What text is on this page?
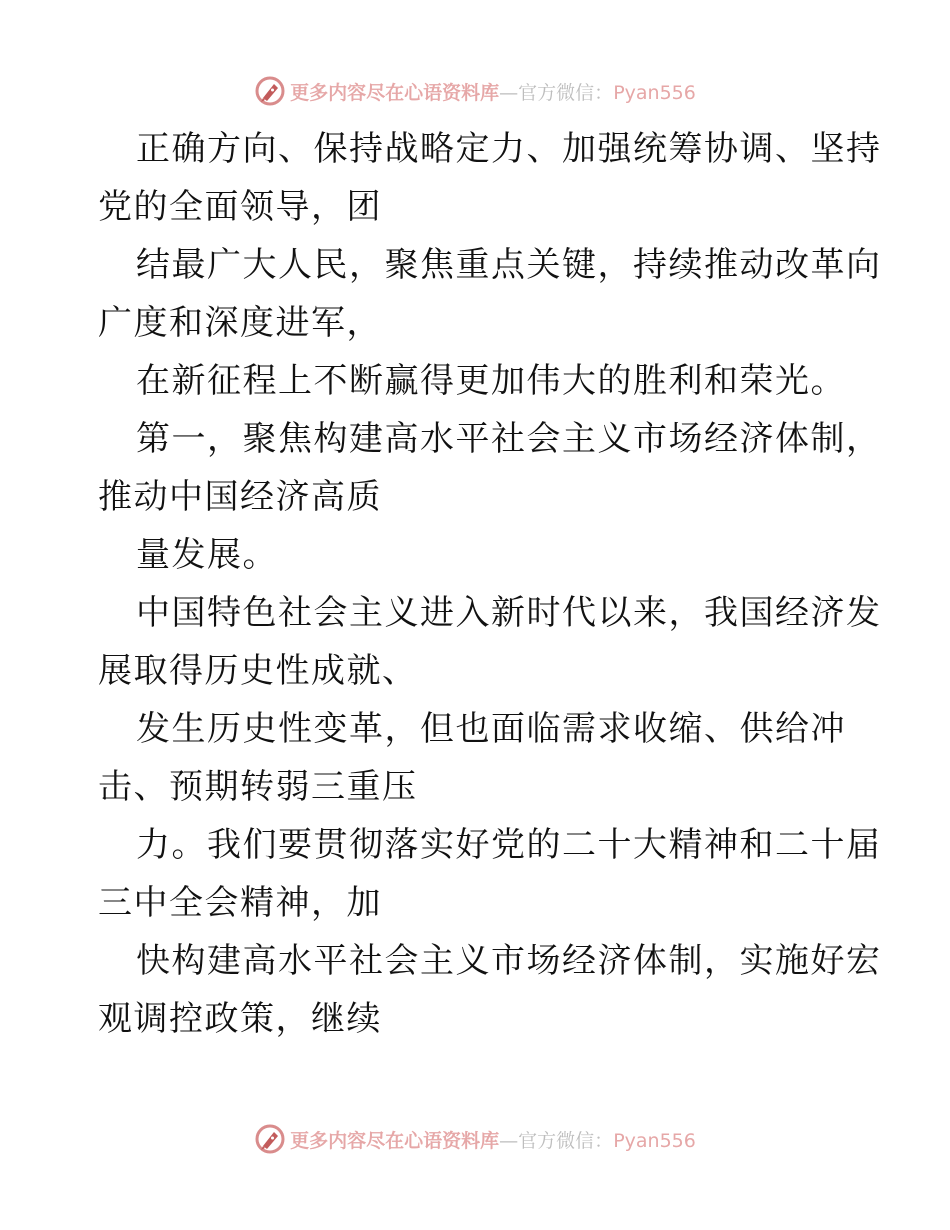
更多内容尽在心语资料库—官方微信：Pyan556

正确方向、保持战略定力、加强统筹协调、坚持
党的全面领导，团

结最广大人民，聚焦重点关键，持续推动改革向
广度和深度进军，

在新征程上不断赢得更加伟大的胜利和荣光。

第一，聚焦构建高水平社会主义市场经济体制，
推动中国经济高质

量发展。

中国特色社会主义进入新时代以来，我国经济发
展取得历史性成就、

发生历史性变革，但也面临需求收缩、供给冲
击、预期转弱三重压

力。我们要贯彻落实好党的二十大精神和二十届
三中全会精神，加

快构建高水平社会主义市场经济体制，实施好宏
观调控政策，继续

更多内容尽在心语资料库—官方微信：Pyan556
